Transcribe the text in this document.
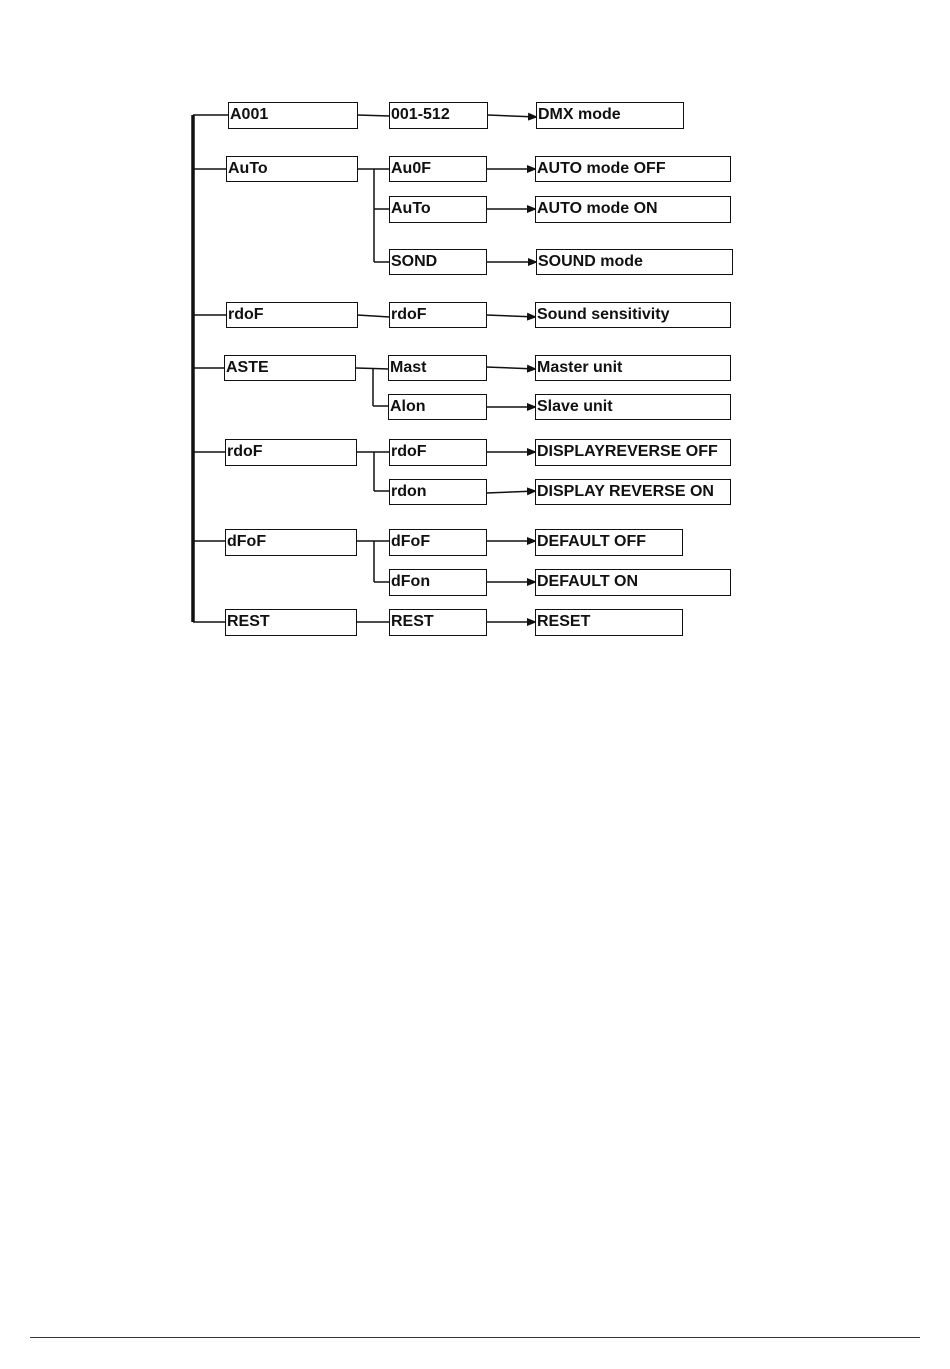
A001
AuTo
rdoF
ASTE
rdoF
dFoF
REST
001-512
Au0F
AuTo
SOND
rdoF
Mast
Alon
rdoF
rdon
dFoF
dFon
REST
DMX mode
AUTO mode OFF
AUTO mode ON
SOUND mode
Sound sensitivity
Master unit
Slave unit
DISPLAYREVERSE OFF
DISPLAY REVERSE ON
DEFAULT OFF
DEFAULT ON
RESET
